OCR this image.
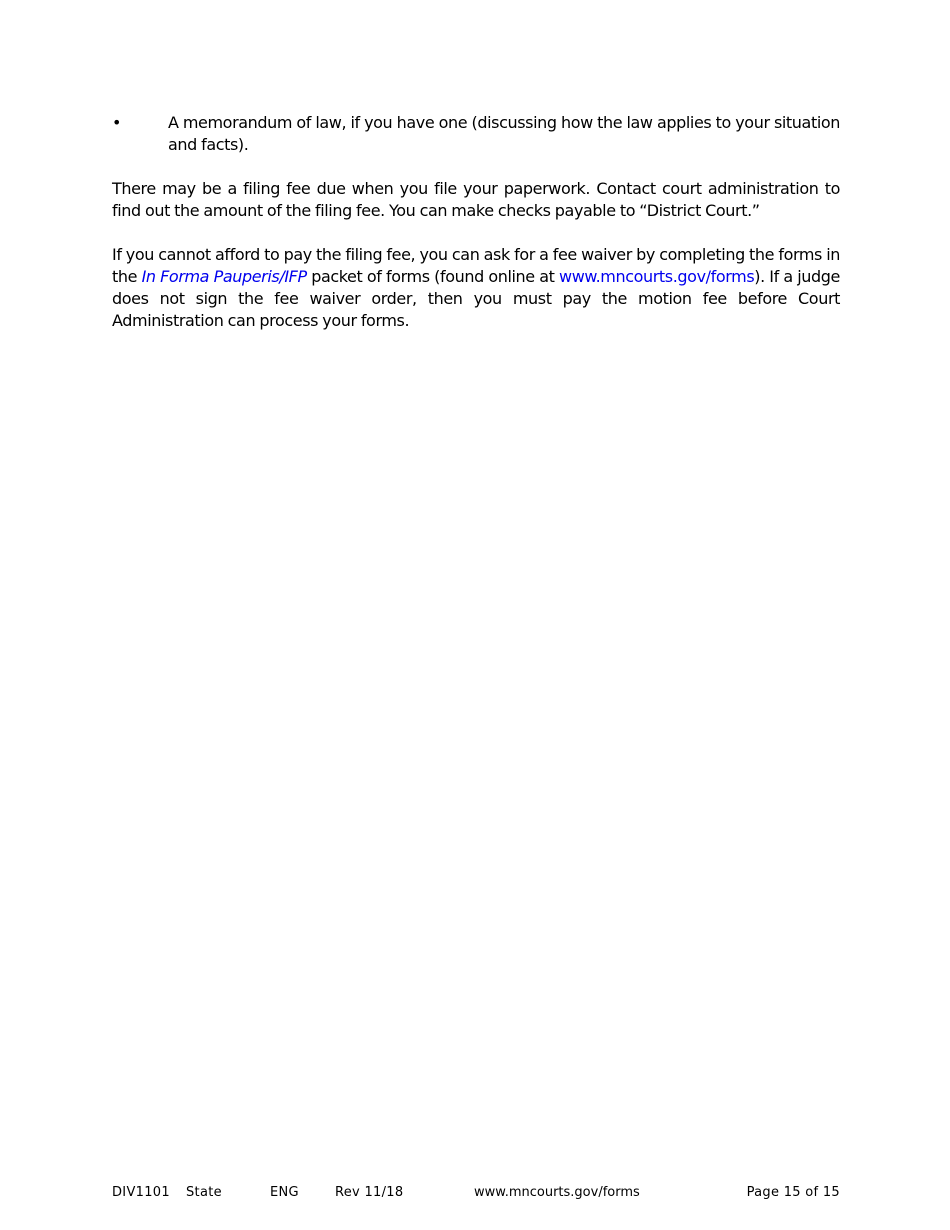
•	A memorandum of law, if you have one (discussing how the law applies to your situation and facts).

There may be a filing fee due when you file your paperwork. Contact court administration to find out the amount of the filing fee. You can make checks payable to “District Court.”

If you cannot afford to pay the filing fee, you can ask for a fee waiver by completing the forms in the In Forma Pauperis/IFP packet of forms (found online at www.mncourts.gov/forms). If a judge does not sign the fee waiver order, then you must pay the motion fee before Court Administration can process your forms.

DIV1101 State	ENG	Rev 11/18	www.mncourts.gov/forms	Page 15 of 15
